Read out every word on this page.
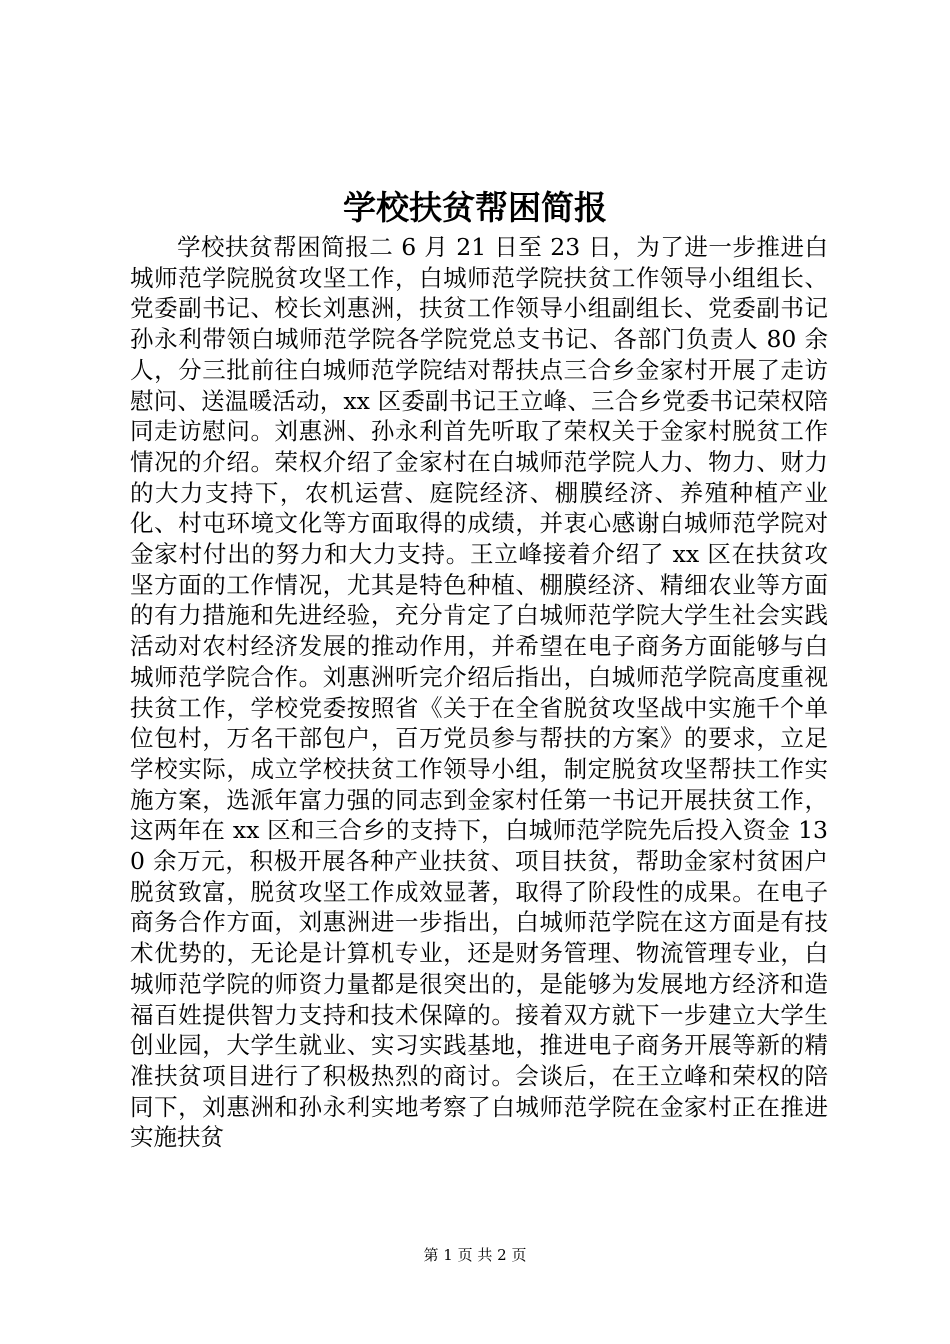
学校扶贫帮困简报

学校扶贫帮困简报二 6 月 21 日至 23 日，为了进一步推进白城师范学院脱贫攻坚工作，白城师范学院扶贫工作领导小组组长、党委副书记、校长刘惠洲，扶贫工作领导小组副组长、党委副书记孙永利带领白城师范学院各学院党总支书记、各部门负责人 80 余人，分三批前往白城师范学院结对帮扶点三合乡金家村开展了走访慰问、送温暖活动，xx 区委副书记王立峰、三合乡党委书记荣权陪同走访慰问。刘惠洲、孙永利首先听取了荣权关于金家村脱贫工作情况的介绍。荣权介绍了金家村在白城师范学院人力、物力、财力的大力支持下，农机运营、庭院经济、棚膜经济、养殖种植产业化、村屯环境文化等方面取得的成绩，并衷心感谢白城师范学院对金家村付出的努力和大力支持。王立峰接着介绍了 xx 区在扶贫攻坚方面的工作情况，尤其是特色种植、棚膜经济、精细农业等方面的有力措施和先进经验，充分肯定了白城师范学院大学生社会实践活动对农村经济发展的推动作用，并希望在电子商务方面能够与白城师范学院合作。刘惠洲听完介绍后指出，白城师范学院高度重视扶贫工作，学校党委按照省《关于在全省脱贫攻坚战中实施千个单位包村，万名干部包户，百万党员参与帮扶的方案》的要求，立足学校实际，成立学校扶贫工作领导小组，制定脱贫攻坚帮扶工作实施方案，选派年富力强的同志到金家村任第一书记开展扶贫工作，这两年在 xx 区和三合乡的支持下，白城师范学院先后投入资金 130 余万元，积极开展各种产业扶贫、项目扶贫，帮助金家村贫困户脱贫致富，脱贫攻坚工作成效显著，取得了阶段性的成果。在电子商务合作方面，刘惠洲进一步指出，白城师范学院在这方面是有技术优势的，无论是计算机专业，还是财务管理、物流管理专业，白城师范学院的师资力量都是很突出的，是能够为发展地方经济和造福百姓提供智力支持和技术保障的。接着双方就下一步建立大学生创业园，大学生就业、实习实践基地，推进电子商务开展等新的精准扶贫项目进行了积极热烈的商讨。会谈后，在王立峰和荣权的陪同下，刘惠洲和孙永利实地考察了白城师范学院在金家村正在推进实施扶贫

第 1 页 共 2 页
